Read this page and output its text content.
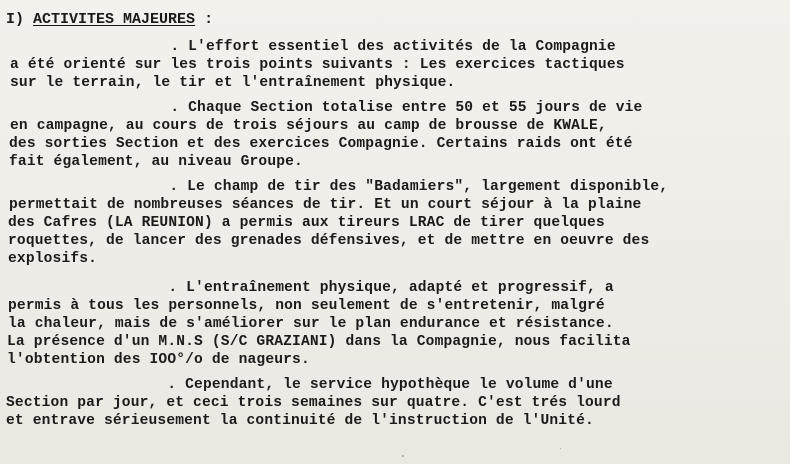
I) ACTIVITES MAJEURES :
. L'effort essentiel des activités de la Compagnie
a été orienté sur les trois points suivants : Les exercices tactiques
sur le terrain, le tir et l'entraînement physique.
. Chaque Section totalise entre 50 et 55 jours de vie
en campagne, au cours de trois séjours au camp de brousse de KWALE,
des sorties Section et des exercices Compagnie. Certains raids ont été
fait également, au niveau Groupe.
. Le champ de tir des "Badamiers", largement disponible,
permettait de nombreuses séances de tir. Et un court séjour à la plaine
des Cafres (LA REUNION) a permis aux tireurs LRAC de tirer quelques
roquettes, de lancer des grenades défensives, et de mettre en oeuvre des
explosifs.
. L'entraînement physique, adapté et progressif, a
permis à tous les personnels, non seulement de s'entretenir, malgré
la chaleur, mais de s'améliorer sur le plan endurance et résistance.
La présence d'un M.N.S (S/C GRAZIANI) dans la Compagnie, nous facilita
l'obtention des IOO°/o de nageurs.
. Cependant, le service hypothèque le volume d'une
Section par jour, et ceci trois semaines sur quatre. C'est trés lourd
et entrave sérieusement la continuité de l'instruction de l'Unité.
